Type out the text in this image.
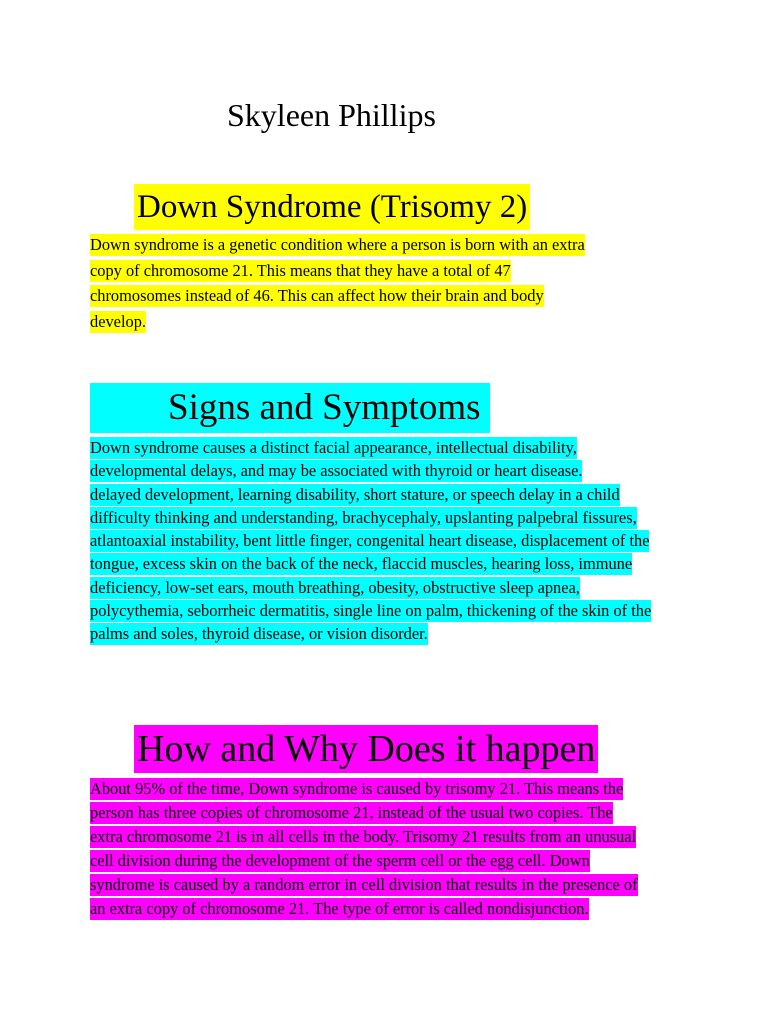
Skyleen Phillips
Down Syndrome (Trisomy 2)

Down syndrome is a genetic condition where a person is born with an extra
copy of chromosome 21. This means that they have a total of 47
chromosomes instead of 46. This can affect how their brain and body
develop.

Signs and Symptoms

Down syndrome causes a distinct facial appearance, intellectual disability,
developmental delays, and may be associated with thyroid or heart disease.
delayed development, learning disability, short stature, or speech delay in a child
difficulty thinking and understanding, brachycephaly, upslanting palpebral fissures,
atlantoaxial instability, bent little finger, congenital heart disease, displacement of the
tongue, excess skin on the back of the neck, flaccid muscles, hearing loss, immune
deficiency, low-set ears, mouth breathing, obesity, obstructive sleep apnea,
polycythemia, seborrheic dermatitis, single line on palm, thickening of the skin of the
palms and soles, thyroid disease, or vision disorder.

How and Why Does it happen

About 95% of the time, Down syndrome is caused by trisomy 21. This means the
person has three copies of chromosome 21, instead of the usual two copies. The
extra chromosome 21 is in all cells in the body. Trisomy 21 results from an unusual
cell division during the development of the sperm cell or the egg cell. Down
syndrome is caused by a random error in cell division that results in the presence of
an extra copy of chromosome 21. The type of error is called nondisjunction.
